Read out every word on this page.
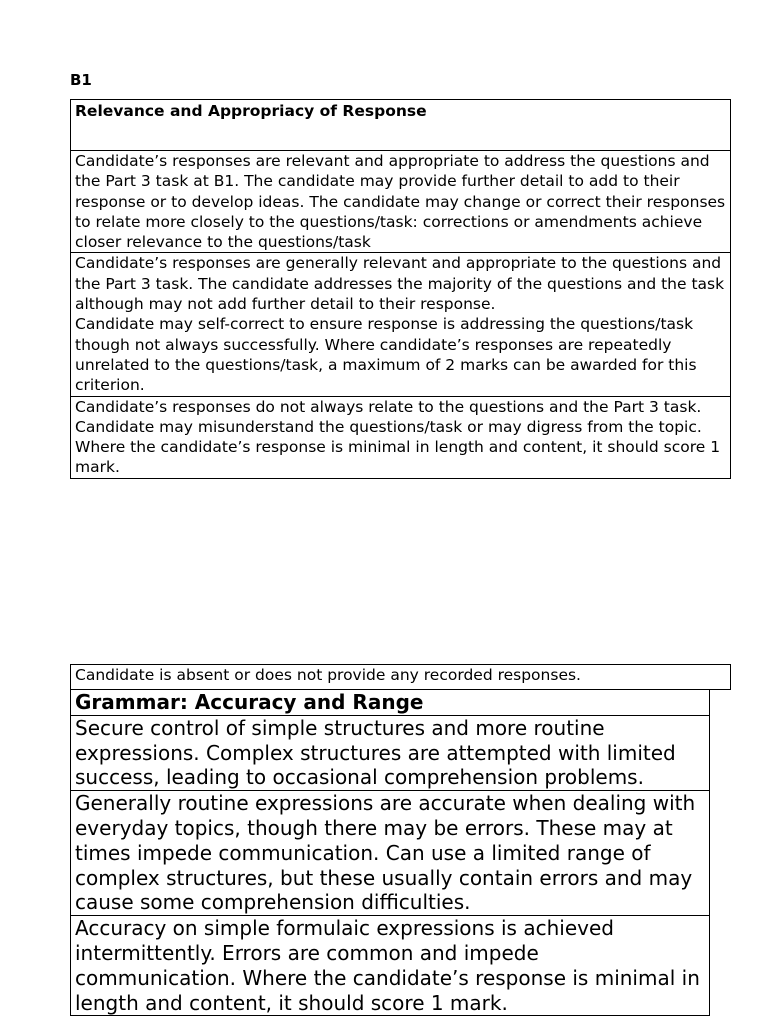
B1
Relevance and Appropriacy of Response

Candidate’s responses are relevant and appropriate to address the questions and the Part 3 task at B1. The candidate may provide further detail to add to their response or to develop ideas. The candidate may change or correct their responses to relate more closely to the questions/task: corrections or amendments achieve closer relevance to the questions/task

Candidate’s responses are generally relevant and appropriate to the questions and the Part 3 task. The candidate addresses the majority of the questions and the task although may not add further detail to their response.

Candidate may self-correct to ensure response is addressing the questions/task though not always successfully. Where candidate’s responses are repeatedly unrelated to the questions/task, a maximum of 2 marks can be awarded for this criterion.

Candidate’s responses do not always relate to the questions and the Part 3 task. Candidate may misunderstand the questions/task or may digress from the topic. Where the candidate’s response is minimal in length and content, it should score 1 mark.

Candidate is absent or does not provide any recorded responses.
Grammar: Accuracy and Range
Secure control of simple structures and more routine expressions. Complex structures are attempted with limited success, leading to occasional comprehension problems.
Generally routine expressions are accurate when dealing with everyday topics, though there may be errors. These may at times impede communication. Can use a limited range of complex structures, but these usually contain errors and may cause some comprehension difficulties.
Accuracy on simple formulaic expressions is achieved intermittently. Errors are common and impede communication. Where the candidate’s response is minimal in length and content, it should score 1 mark.
